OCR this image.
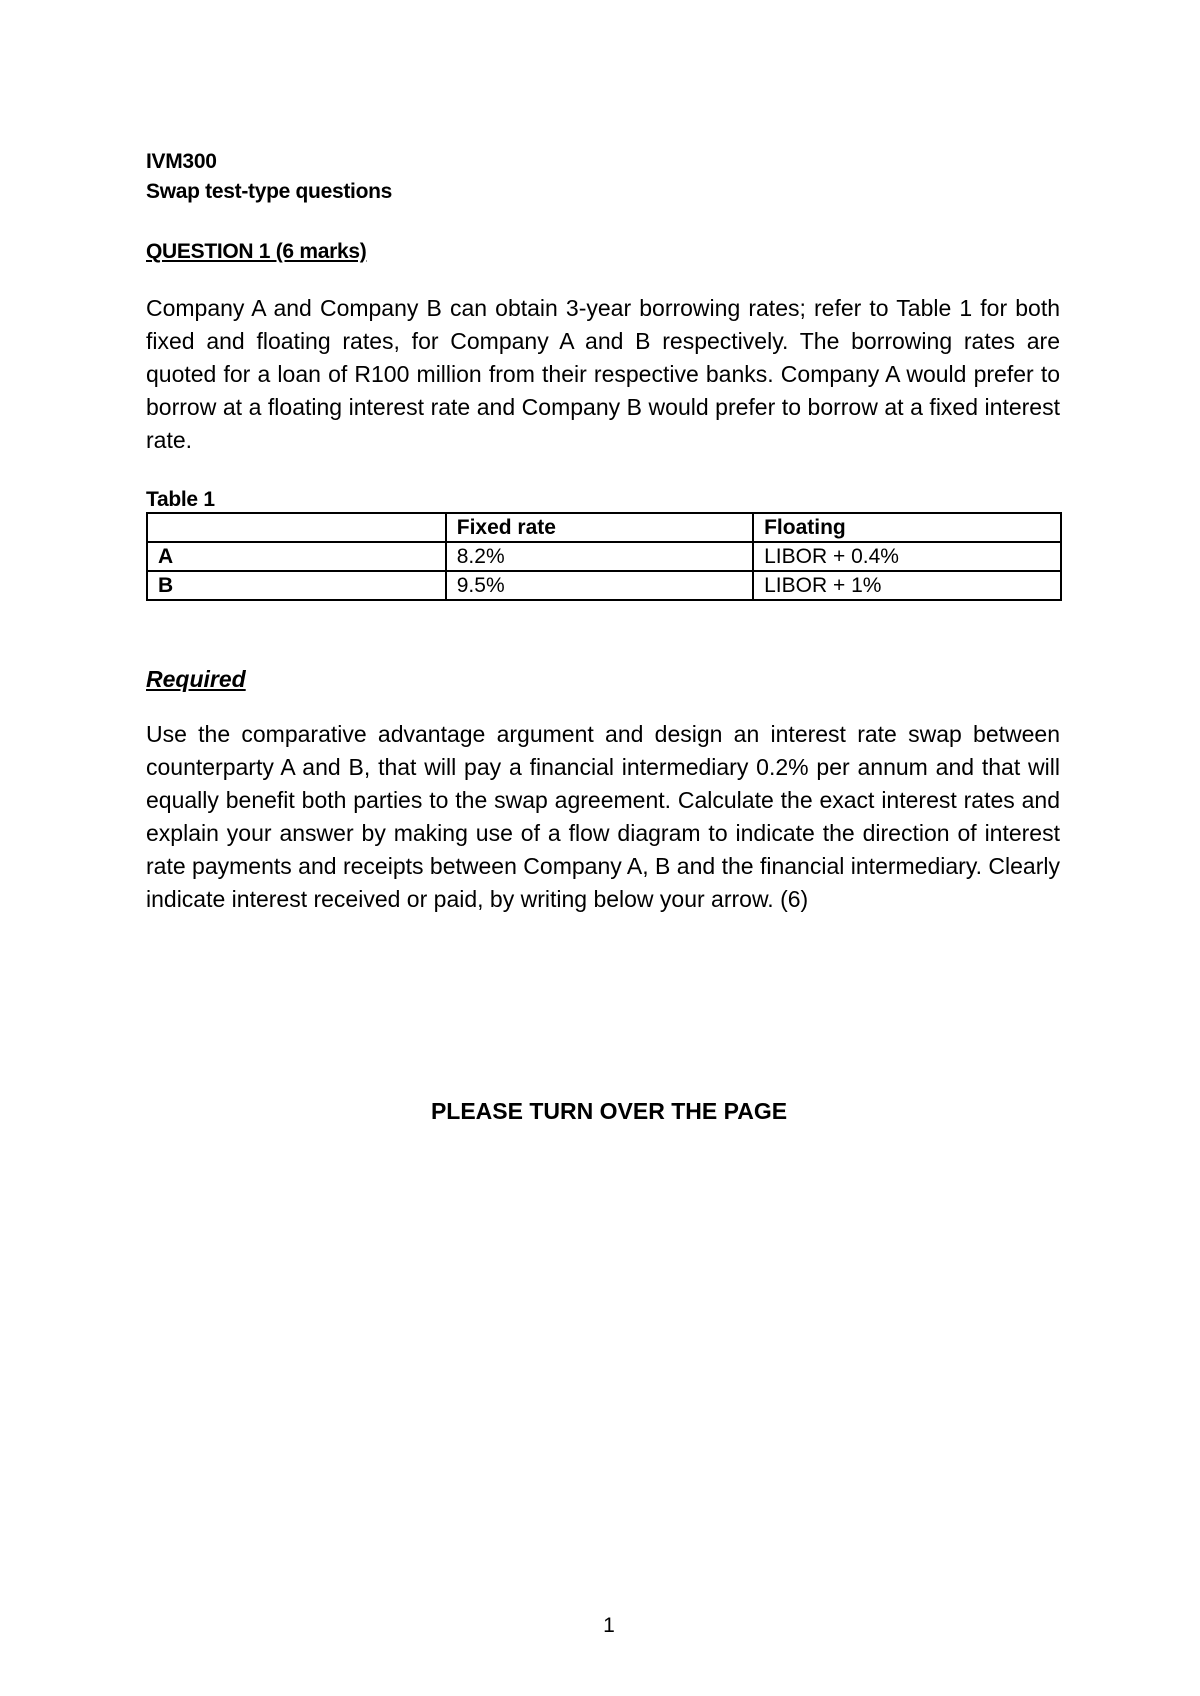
IVM300
Swap test-type questions
QUESTION 1 (6 marks)

Company A and Company B can obtain 3-year borrowing rates; refer to Table 1 for both fixed and floating rates, for Company A and B respectively. The borrowing rates are quoted for a loan of R100 million from their respective banks. Company A would prefer to borrow at a floating interest rate and Company B would prefer to borrow at a fixed interest rate.

Table 1
	Fixed rate	Floating
A	8.2%	LIBOR + 0.4%
B	9.5%	LIBOR + 1%
Required

Use the comparative advantage argument and design an interest rate swap between counterparty A and B, that will pay a financial intermediary 0.2% per annum and that will equally benefit both parties to the swap agreement. Calculate the exact interest rates and explain your answer by making use of a flow diagram to indicate the direction of interest rate payments and receipts between Company A, B and the financial intermediary. Clearly indicate interest received or paid, by writing below your arrow. (6)

PLEASE TURN OVER THE PAGE
1
